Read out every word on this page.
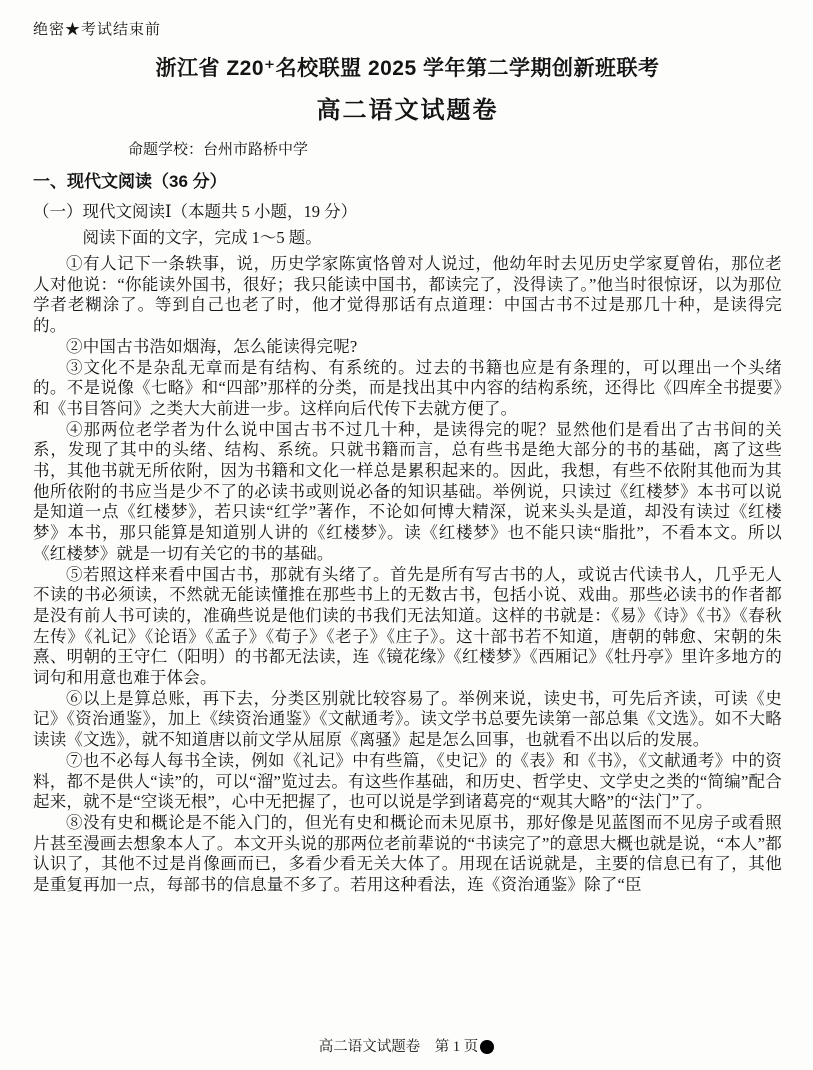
绝密★考试结束前
浙江省 Z20⁺名校联盟 2025 学年第二学期创新班联考
高二语文试题卷
命题学校：台州市路桥中学
一、现代文阅读（36 分）
（一）现代文阅读Ⅰ（本题共 5 小题，19 分）
阅读下面的文字，完成 1～5 题。

①有人记下一条轶事，说，历史学家陈寅恪曾对人说过，他幼年时去见历史学家夏曾佑，那位老人对他说：“你能读外国书，很好；我只能读中国书，都读完了，没得读了。”他当时很惊讶，以为那位学者老糊涂了。等到自己也老了时，他才觉得那话有点道理：中国古书不过是那几十种，是读得完的。

②中国古书浩如烟海，怎么能读得完呢?

③文化不是杂乱无章而是有结构、有系统的。过去的书籍也应是有条理的，可以理出一个头绪的。不是说像《七略》和“四部”那样的分类，而是找出其中内容的结构系统，还得比《四库全书提要》和《书目答问》之类大大前进一步。这样向后代传下去就方便了。

④那两位老学者为什么说中国古书不过几十种，是读得完的呢？显然他们是看出了古书间的关系，发现了其中的头绪、结构、系统。只就书籍而言，总有些书是绝大部分的书的基础，离了这些书，其他书就无所依附，因为书籍和文化一样总是累积起来的。因此，我想，有些不依附其他而为其他所依附的书应当是少不了的必读书或则说必备的知识基础。举例说，只读过《红楼梦》本书可以说是知道一点《红楼梦》，若只读“红学”著作，不论如何博大精深，说来头头是道，却没有读过《红楼梦》本书，那只能算是知道别人讲的《红楼梦》。读《红楼梦》也不能只读“脂批”，不看本文。所以《红楼梦》就是一切有关它的书的基础。

⑤若照这样来看中国古书，那就有头绪了。首先是所有写古书的人，或说古代读书人，几乎无人不读的书必须读，不然就无能读懂推在那些书上的无数古书，包括小说、戏曲。那些必读书的作者都是没有前人书可读的，准确些说是他们读的书我们无法知道。这样的书就是：《易》《诗》《书》《春秋左传》《礼记》《论语》《孟子》《荀子》《老子》《庄子》。这十部书若不知道，唐朝的韩愈、宋朝的朱熹、明朝的王守仁（阳明）的书都无法读，连《镜花缘》《红楼梦》《西厢记》《牡丹亭》里许多地方的词句和用意也难于体会。

⑥以上是算总账，再下去，分类区别就比较容易了。举例来说，读史书，可先后齐读，可读《史记》《资治通鉴》，加上《续资治通鉴》《文献通考》。读文学书总要先读第一部总集《文选》。如不大略读读《文选》，就不知道唐以前文学从屈原《离骚》起是怎么回事，也就看不出以后的发展。

⑦也不必每人每书全读，例如《礼记》中有些篇，《史记》的《表》和《书》，《文献通考》中的资料，都不是供人“读”的，可以“溜”览过去。有这些作基础，和历史、哲学史、文学史之类的“简编”配合起来，就不是“空谈无根”，心中无把握了，也可以说是学到诸葛亮的“观其大略”的“法门”了。

⑧没有史和概论是不能入门的，但光有史和概论而未见原书，那好像是见蓝图而不见房子或看照片甚至漫画去想象本人了。本文开头说的那两位老前辈说的“书读完了”的意思大概也就是说，“本人”都认识了，其他不过是肖像画而已，多看少看无关大体了。用现在话说就是，主要的信息已有了，其他是重复再加一点，每部书的信息量不多了。若用这种看法，连《资治通鉴》除了“臣

高二语文试题卷　第 1 页
